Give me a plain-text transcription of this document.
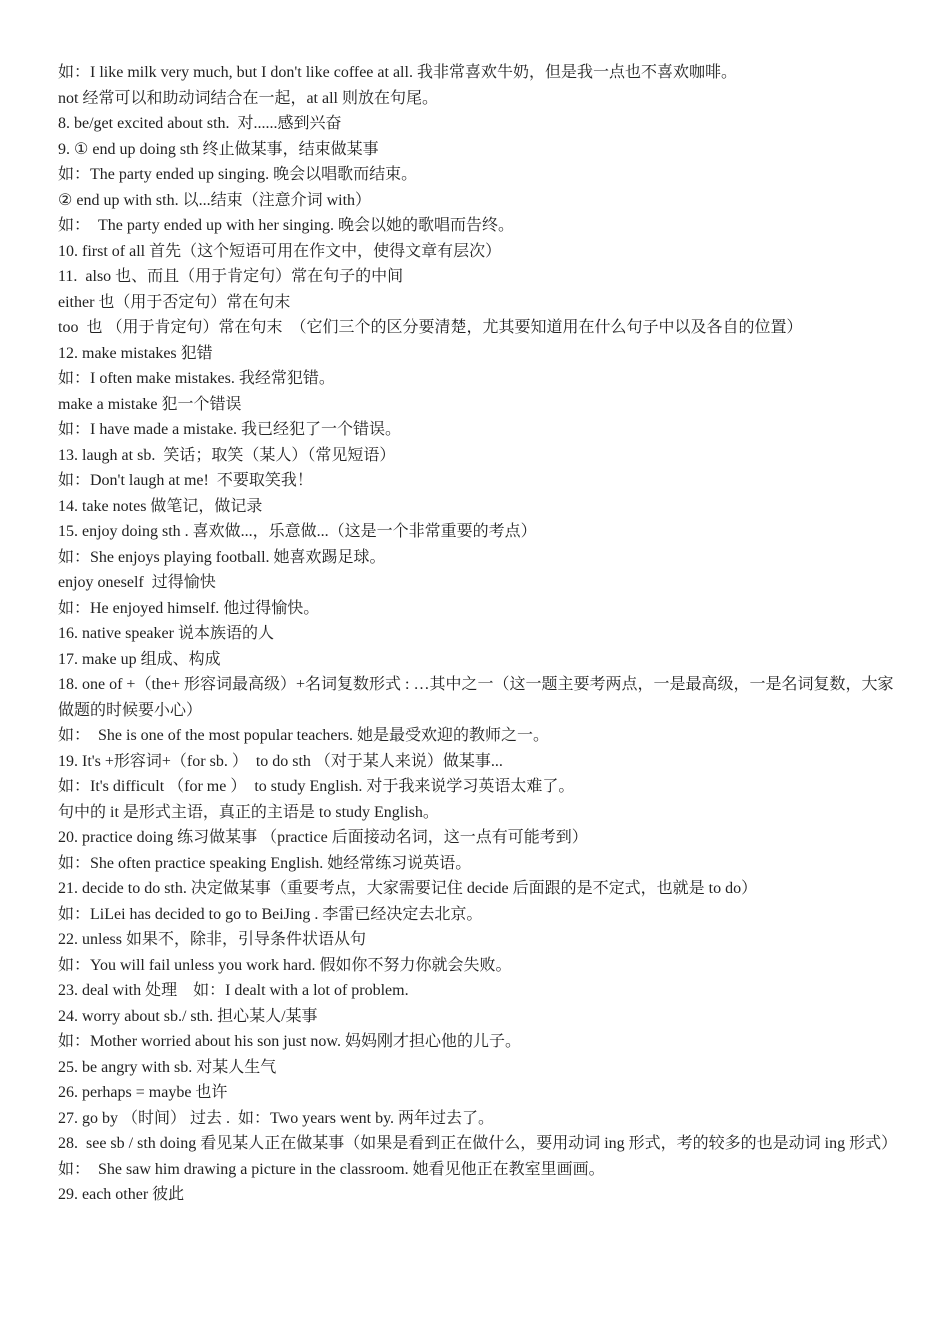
如：I like milk very much, but I don't like coffee at all. 我非常喜欢牛奶，但是我一点也不喜欢咖啡。
not 经常可以和助动词结合在一起，at all 则放在句尾。
8. be/get excited about sth.  对......感到兴奋
9. ① end up doing sth 终止做某事，结束做某事
如：The party ended up singing. 晚会以唱歌而结束。
② end up with sth. 以...结束（注意介词 with）
如：  The party ended up with her singing. 晚会以她的歌唱而告终。
10. first of all 首先（这个短语可用在作文中，使得文章有层次）
11.  also 也、而且（用于肯定句）常在句子的中间
either 也（用于否定句）常在句末
too  也 （用于肯定句）常在句末  （它们三个的区分要清楚，尤其要知道用在什么句子中以及各自的位置）
12. make mistakes 犯错
如：I often make mistakes. 我经常犯错。
make a mistake 犯一个错误
如：I have made a mistake. 我已经犯了一个错误。
13. laugh at sb.  笑话；取笑（某人）（常见短语）
如：Don't laugh at me!  不要取笑我！
14. take notes 做笔记，做记录
15. enjoy doing sth . 喜欢做...，乐意做...（这是一个非常重要的考点）
如：She enjoys playing football. 她喜欢踢足球。
enjoy oneself  过得愉快
如：He enjoyed himself. 他过得愉快。
16. native speaker 说本族语的人
17. make up 组成、构成
18. one of +（the+ 形容词最高级）+名词复数形式 : …其中之一（这一题主要考两点，一是最高级，一是名词复数，大家做题的时候要小心）
如：  She is one of the most popular teachers. 她是最受欢迎的教师之一。
19. It's +形容词+（for sb. ）  to do sth （对于某人来说）做某事...
如：It's difficult （for me ）  to study English. 对于我来说学习英语太难了。
句中的 it 是形式主语，真正的主语是 to study English。
20. practice doing 练习做某事 （practice 后面接动名词，这一点有可能考到）
如：She often practice speaking English. 她经常练习说英语。
21. decide to do sth. 决定做某事（重要考点，大家需要记住 decide 后面跟的是不定式，也就是 to do）
如：LiLei has decided to go to BeiJing . 李雷已经决定去北京。
22. unless 如果不，除非，引导条件状语从句
如：You will fail unless you work hard. 假如你不努力你就会失败。
23. deal with 处理    如：I dealt with a lot of problem.
24. worry about sb./ sth. 担心某人/某事
如：Mother worried about his son just now. 妈妈刚才担心他的儿子。
25. be angry with sb. 对某人生气
26. perhaps = maybe 也许
27. go by （时间） 过去 .  如：Two years went by. 两年过去了。
28.  see sb / sth doing 看见某人正在做某事（如果是看到正在做什么，要用动词 ing 形式，考的较多的也是动词 ing 形式）
如：  She saw him drawing a picture in the classroom. 她看见他正在教室里画画。
29. each other 彼此
